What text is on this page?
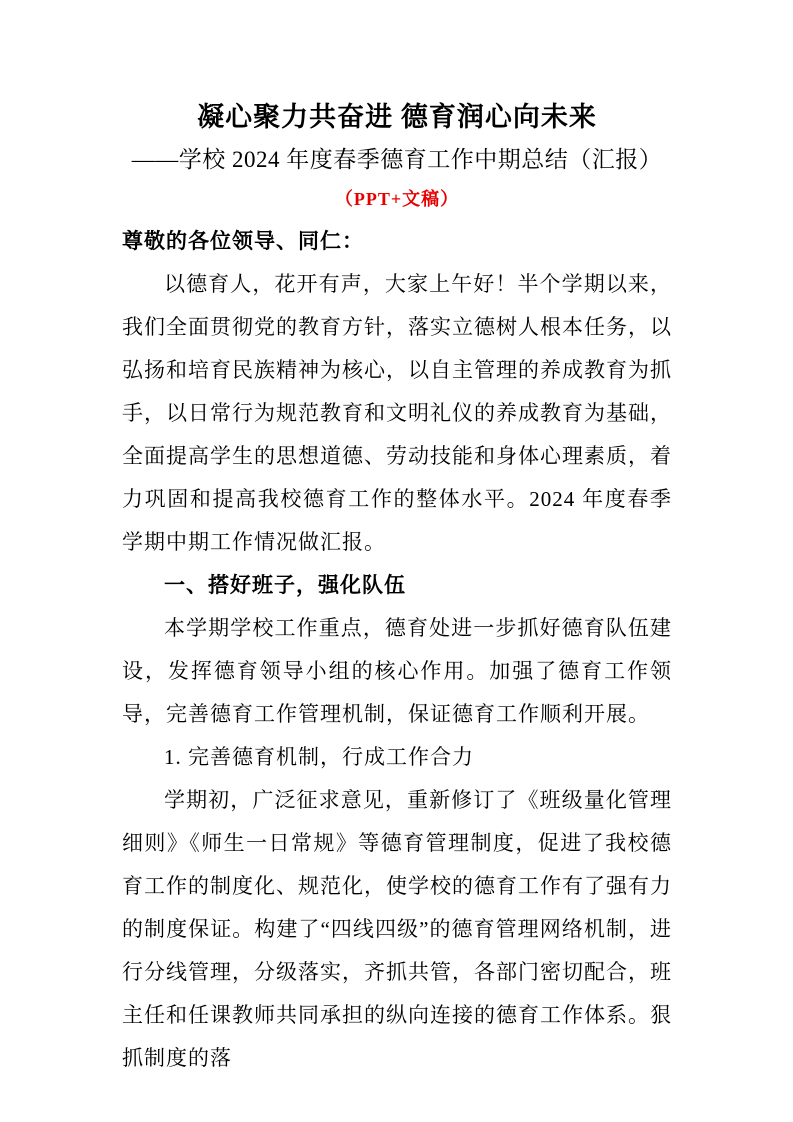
凝心聚力共奋进 德育润心向未来
——学校 2024 年度春季德育工作中期总结（汇报）
（PPT+文稿）
尊敬的各位领导、同仁：

以德育人，花开有声，大家上午好！半个学期以来，我们全面贯彻党的教育方针，落实立德树人根本任务，以弘扬和培育民族精神为核心，以自主管理的养成教育为抓手，以日常行为规范教育和文明礼仪的养成教育为基础，全面提高学生的思想道德、劳动技能和身体心理素质，着力巩固和提高我校德育工作的整体水平。2024 年度春季学期中期工作情况做汇报。

一、搭好班子，强化队伍

本学期学校工作重点，德育处进一步抓好德育队伍建设，发挥德育领导小组的核心作用。加强了德育工作领导，完善德育工作管理机制，保证德育工作顺利开展。

1. 完善德育机制，行成工作合力

学期初，广泛征求意见，重新修订了《班级量化管理细则》《师生一日常规》等德育管理制度，促进了我校德育工作的制度化、规范化，使学校的德育工作有了强有力的制度保证。构建了“四线四级”的德育管理网络机制，进行分线管理，分级落实，齐抓共管，各部门密切配合，班主任和任课教师共同承担的纵向连接的德育工作体系。狠抓制度的落
